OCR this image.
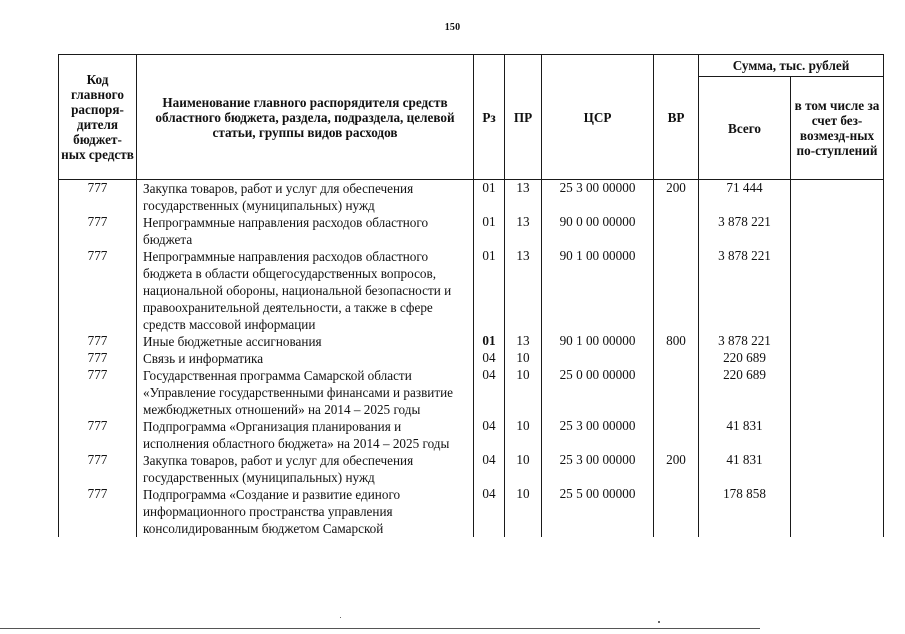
150
Код главного распоря-дителя бюджет-ных средств	Наименование главного распорядителя средств областного бюджета, раздела, подраздела, целевой статьи, группы видов расходов	Рз	ПР	ЦСР	ВР	Сумма, тыс. рублей	
						Всего	в том числе за счет без-возмезд-ных по-ступлений
777	Закупка товаров, работ и услуг для обеспечения государственных (муниципальных) нужд	01	13	25 3 00 00000	200	71 444	
777	Непрограммные направления расходов областного бюджета	01	13	90 0 00 00000		3 878 221	
777	Непрограммные направления расходов областного бюджета в области общегосударственных вопросов, национальной обороны, национальной безопасности и правоохранительной деятельности, а также в сфере средств массовой информации	01	13	90 1 00 00000		3 878 221	
777	Иные бюджетные ассигнования	01	13	90 1 00 00000	800	3 878 221	
777	Связь и информатика	04	10			220 689	
777	Государственная программа Самарской области «Управление государственными финансами и развитие межбюджетных отношений» на 2014 – 2025 годы	04	10	25 0 00 00000		220 689	
777	Подпрограмма «Организация планирования и исполнения областного бюджета» на 2014 – 2025 годы	04	10	25 3 00 00000		41 831	
777	Закупка товаров, работ и услуг для обеспечения государственных (муниципальных) нужд	04	10	25 3 00 00000	200	41 831	
777	Подпрограмма «Создание и развитие единого информационного пространства управления консолидированным бюджетом Самарской	04	10	25 5 00 00000		178 858	
